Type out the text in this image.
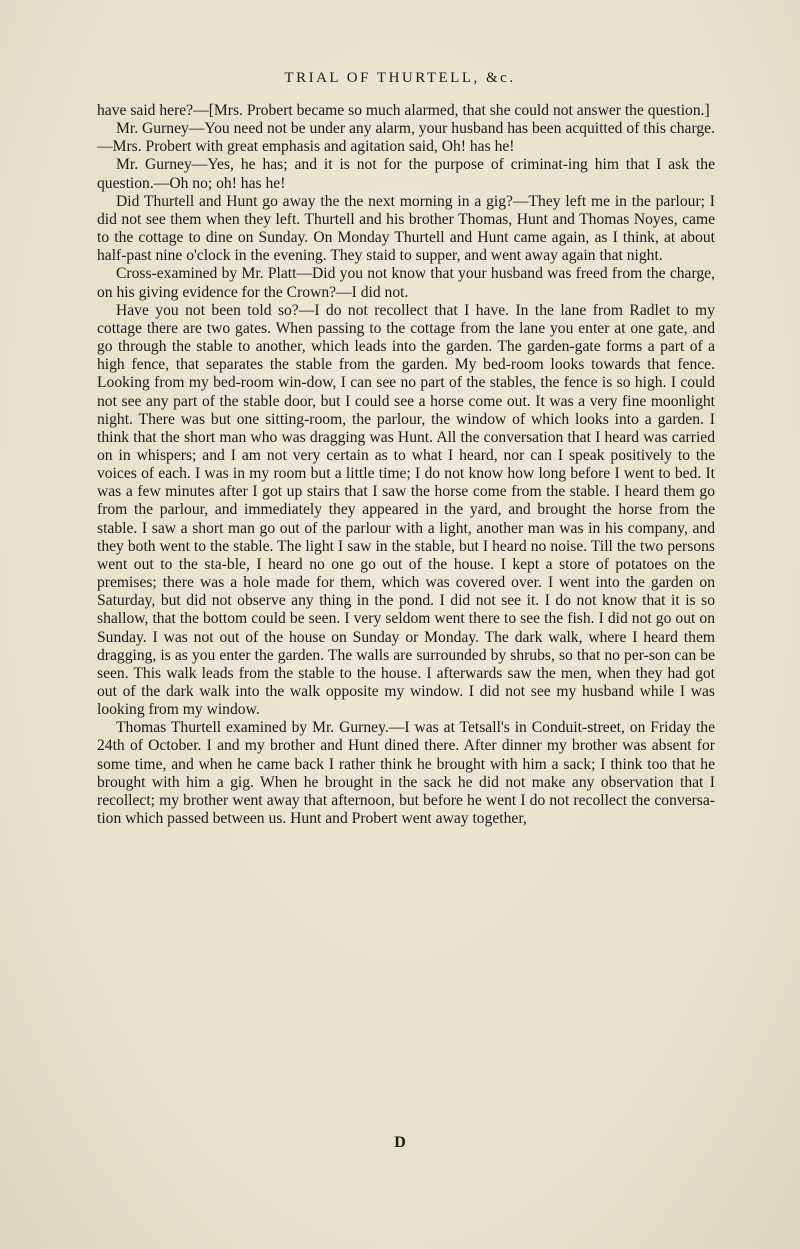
TRIAL OF THURTELL, &c.

have said here?—[Mrs. Probert became so much alarmed, that she could not answer the question.]

Mr. Gurney—You need not be under any alarm, your husband has been acquitted of this charge.—Mrs. Probert with great emphasis and agitation said, Oh! has he!

Mr. Gurney—Yes, he has; and it is not for the purpose of criminat-ing him that I ask the question.—Oh no; oh! has he!

Did Thurtell and Hunt go away the the next morning in a gig?—They left me in the parlour; I did not see them when they left. Thurtell and his brother Thomas, Hunt and Thomas Noyes, came to the cottage to dine on Sunday. On Monday Thurtell and Hunt came again, as I think, at about half-past nine o'clock in the evening. They staid to supper, and went away again that night.

Cross-examined by Mr. Platt—Did you not know that your husband was freed from the charge, on his giving evidence for the Crown?—I did not.

Have you not been told so?—I do not recollect that I have. In the lane from Radlet to my cottage there are two gates. When passing to the cottage from the lane you enter at one gate, and go through the stable to another, which leads into the garden. The garden-gate forms a part of a high fence, that separates the stable from the garden. My bed-room looks towards that fence. Looking from my bed-room win-dow, I can see no part of the stables, the fence is so high. I could not see any part of the stable door, but I could see a horse come out. It was a very fine moonlight night. There was but one sitting-room, the parlour, the window of which looks into a garden. I think that the short man who was dragging was Hunt. All the conversation that I heard was carried on in whispers; and I am not very certain as to what I heard, nor can I speak positively to the voices of each. I was in my room but a little time; I do not know how long before I went to bed. It was a few minutes after I got up stairs that I saw the horse come from the stable. I heard them go from the parlour, and immediately they appeared in the yard, and brought the horse from the stable. I saw a short man go out of the parlour with a light, another man was in his company, and they both went to the stable. The light I saw in the stable, but I heard no noise. Till the two persons went out to the sta-ble, I heard no one go out of the house. I kept a store of potatoes on the premises; there was a hole made for them, which was covered over. I went into the garden on Saturday, but did not observe any thing in the pond. I did not see it. I do not know that it is so shallow, that the bottom could be seen. I very seldom went there to see the fish. I did not go out on Sunday. I was not out of the house on Sunday or Monday. The dark walk, where I heard them dragging, is as you enter the garden. The walls are surrounded by shrubs, so that no per-son can be seen. This walk leads from the stable to the house. I afterwards saw the men, when they had got out of the dark walk into the walk opposite my window. I did not see my husband while I was looking from my window.

Thomas Thurtell examined by Mr. Gurney.—I was at Tetsall's in Conduit-street, on Friday the 24th of October. I and my brother and Hunt dined there. After dinner my brother was absent for some time, and when he came back I rather think he brought with him a sack; I think too that he brought with him a gig. When he brought in the sack he did not make any observation that I recollect; my brother went away that afternoon, but before he went I do not recollect the conversa-tion which passed between us. Hunt and Probert went away together,

D
